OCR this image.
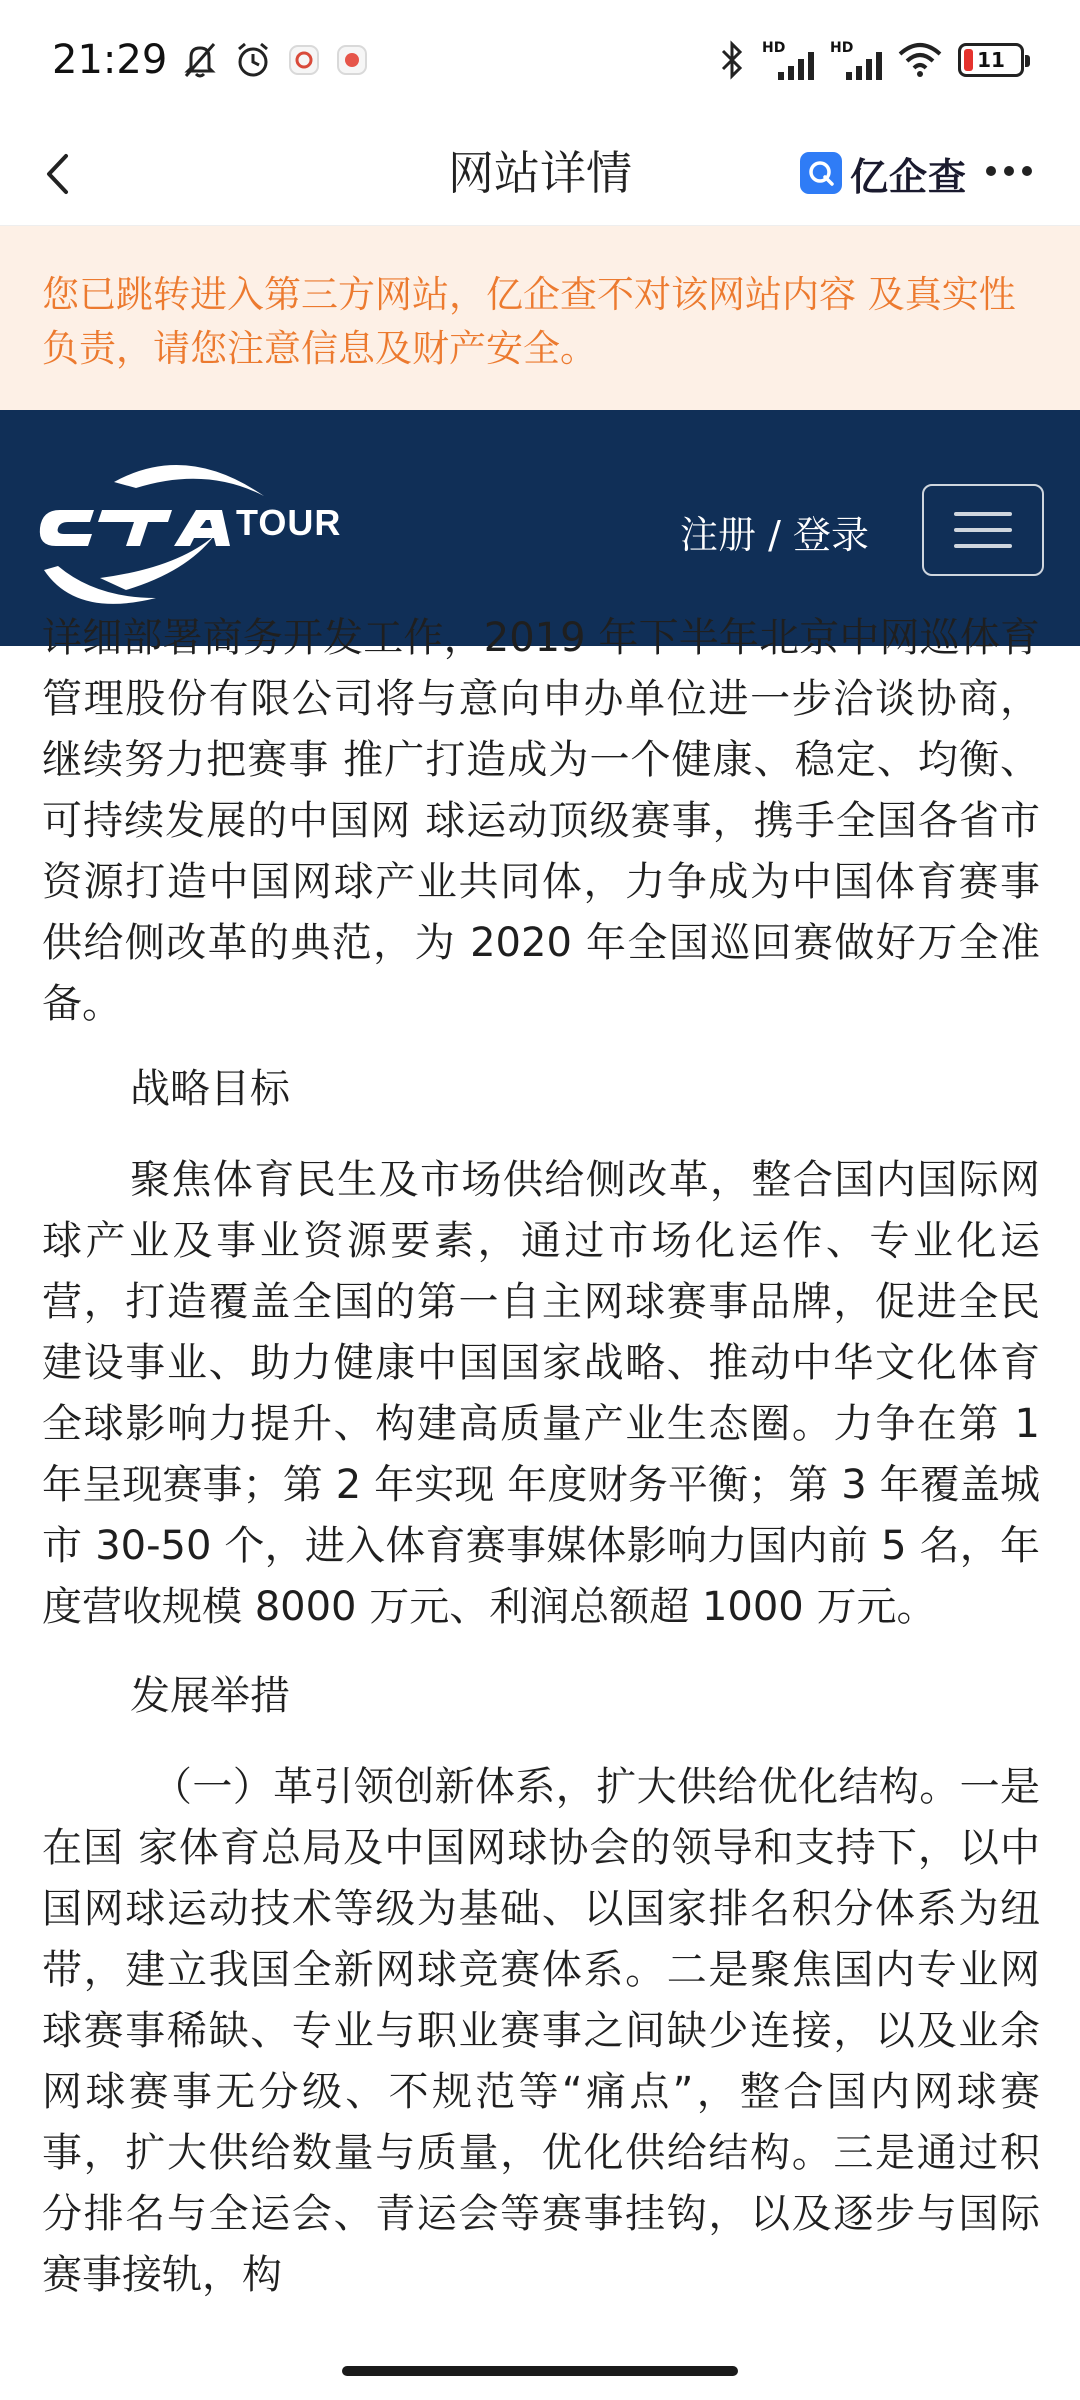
21:29	HD	HD	11
网站详情	亿企查
您已跳转进入第三方网站，亿企查不对该网站内容 及真实性负责，请您注意信息及财产安全。
TOUR	注册 / 登录

详细部署商务开发工作，2019 年下半年北京中网巡体育管理股份有限公司将与意向申办单位进一步洽谈协商，继续努力把赛事 推广打造成为一个健康、稳定、均衡、可持续发展的中国网 球运动顶级赛事，携手全国各省市资源打造中国网球产业共同体，力争成为中国体育赛事供给侧改革的典范，为 2020 年全国巡回赛做好万全准备。

战略目标

聚焦体育民生及市场供给侧改革，整合国内国际网球产业及事业资源要素，通过市场化运作、专业化运营，打造覆盖全国的第一自主网球赛事品牌，促进全民建设事业、助力健康中国国家战略、推动中华文化体育全球影响力提升、构建高质量产业生态圈。力争在第 1 年呈现赛事；第 2 年实现 年度财务平衡；第 3 年覆盖城市 30-50 个，进入体育赛事媒体影响力国内前 5 名，年度营收规模 8000 万元、利润总额超 1000 万元。

发展举措

（一）革引领创新体系，扩大供给优化结构。一是在国 家体育总局及中国网球协会的领导和支持下，以中国网球运动技术等级为基础、以国家排名积分体系为纽带，建立我国全新网球竞赛体系。二是聚焦国内专业网球赛事稀缺、专业与职业赛事之间缺少连接，以及业余网球赛事无分级、不规范等“痛点”，整合国内网球赛事，扩大供给数量与质量，优化供给结构。三是通过积分排名与全运会、青运会等赛事挂钩，以及逐步与国际赛事接轨，构
